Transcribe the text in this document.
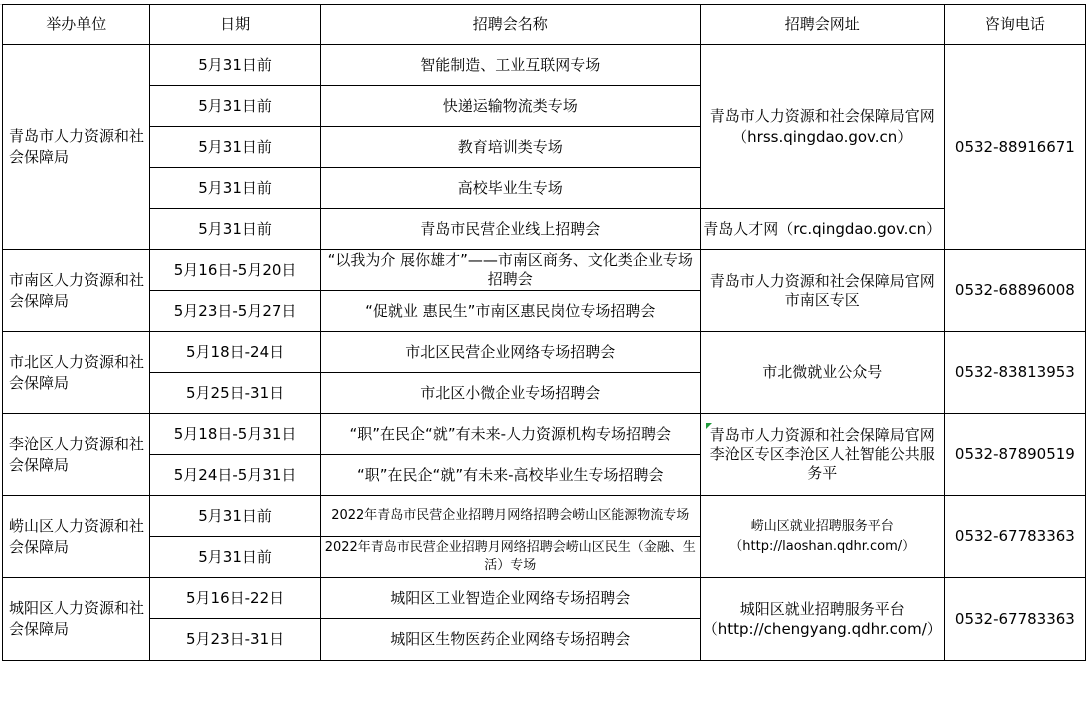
举办单位	日期	招聘会名称	招聘会网址	咨询电话
青岛市人力资源和社会保障局	5月31日前	智能制造、工业互联网专场	青岛市人力资源和社会保障局官网（hrss.qingdao.gov.cn）	0532-88916671
	5月31日前	快递运输物流类专场		
	5月31日前	教育培训类专场		
	5月31日前	高校毕业生专场		
	5月31日前	青岛市民营企业线上招聘会	青岛人才网（rc.qingdao.gov.cn）	
市南区人力资源和社会保障局	5月16日-5月20日	“以我为介 展你雄才”——市南区商务、文化类企业专场招聘会	青岛市人力资源和社会保障局官网市南区专区	0532-68896008
	5月23日-5月27日	“促就业 惠民生”市南区惠民岗位专场招聘会		
市北区人力资源和社会保障局	5月18日-24日	市北区民营企业网络专场招聘会	市北微就业公众号	0532-83813953
	5月25日-31日	市北区小微企业专场招聘会		
李沧区人力资源和社会保障局	5月18日-5月31日	“职”在民企“就”有未来-人力资源机构专场招聘会	青岛市人力资源和社会保障局官网李沧区专区李沧区人社智能公共服务平	0532-87890519
	5月24日-5月31日	“职”在民企“就”有未来-高校毕业生专场招聘会		
崂山区人力资源和社会保障局	5月31日前	2022年青岛市民营企业招聘月网络招聘会崂山区能源物流专场	崂山区就业招聘服务平台（http://laoshan.qdhr.com/）	0532-67783363
	5月31日前	2022年青岛市民营企业招聘月网络招聘会崂山区民生（金融、生活）专场		
城阳区人力资源和社会保障局	5月16日-22日	城阳区工业智造企业网络专场招聘会	城阳区就业招聘服务平台（http://chengyang.qdhr.com/）	0532-67783363
	5月23日-31日	城阳区生物医药企业网络专场招聘会		
